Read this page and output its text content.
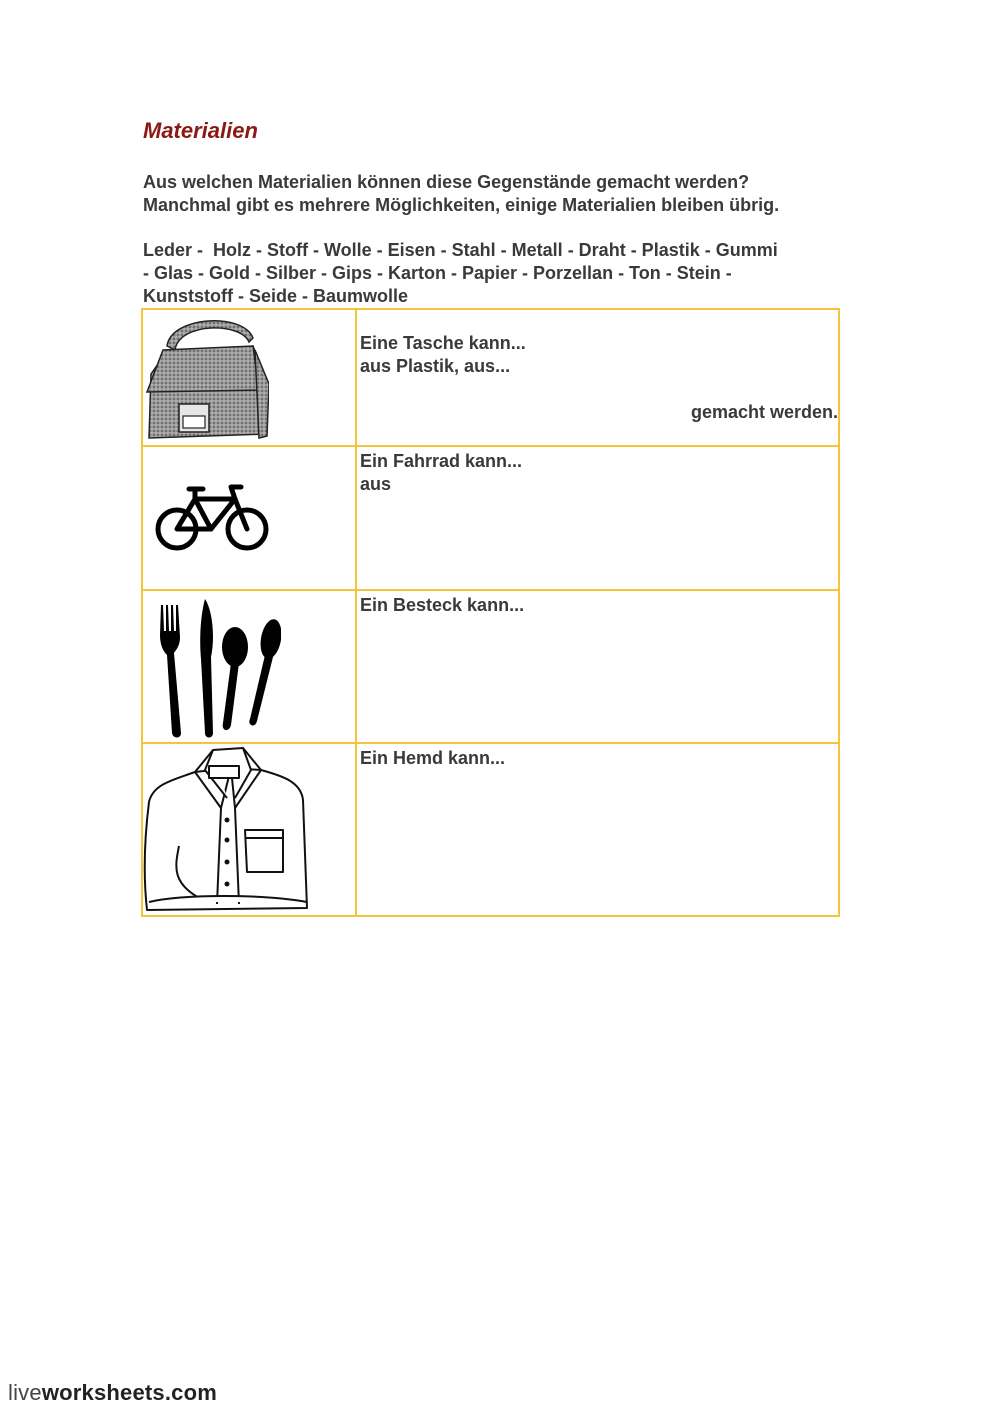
Materialien
Aus welchen Materialien können diese Gegenstände gemacht werden?
Manchmal gibt es mehrere Möglichkeiten, einige Materialien bleiben übrig.
Leder -  Holz - Stoff - Wolle - Eisen - Stahl - Metall - Draht - Plastik - Gummi
- Glas - Gold - Silber - Gips - Karton - Papier - Porzellan - Ton - Stein -
Kunststoff - Seide - Baumwolle
Eine Tasche kann...
aus Plastik, aus...
gemacht werden.
Ein Fahrrad kann...
aus
Ein Besteck kann...
Ein Hemd kann...
liveworksheets.com
